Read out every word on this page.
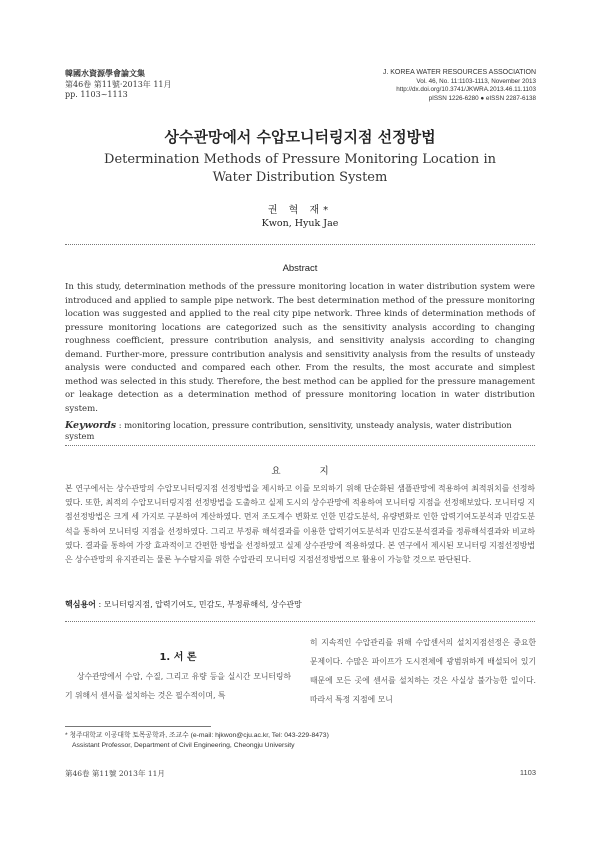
韓國水資源學會論文集
第46卷 第11號·2013年 11月
pp. 1103~1113
J. KOREA WATER RESOURCES ASSOCIATION
Vol. 46, No. 11:1103-1113, November 2013
http://dx.doi.org/10.3741/JKWRA.2013.46.11.1103
pISSN 1226-6280 ● eISSN 2287-6138
상수관망에서 수압모니터링지점 선정방법
Determination Methods of Pressure Monitoring Location in
Water Distribution System
권 혁 재*
Kwon, Hyuk Jae
Abstract
In this study, determination methods of the pressure monitoring location in water distribution system were introduced and applied to sample pipe network. The best determination method of the pressure monitoring location was suggested and applied to the real city pipe network. Three kinds of determination methods of pressure monitoring locations are categorized such as the sensitivity analysis according to changing roughness coefficient, pressure contribution analysis, and sensitivity analysis according to changing demand. Further-more, pressure contribution analysis and sensitivity analysis from the results of unsteady analysis were conducted and compared each other. From the results, the most accurate and simplest method was selected in this study. Therefore, the best method can be applied for the pressure management or leakage detection as a determination method of pressure monitoring location in water distribution system.
Keywords : monitoring location, pressure contribution, sensitivity, unsteady analysis, water distribution system
요 지
본 연구에서는 상수관망의 수압모니터링지점 선정방법을 제시하고 이를 모의하기 위해 단순화된 샘플관망에 적용하여 최적위치를 선정하였다. 또한, 최적의 수압모니터링지점 선정방법을 도출하고 실제 도시의 상수관망에 적용하여 모니터링 지점을 선정해보았다. 모니터링 지점선정방법은 크게 세 가지로 구분하여 계산하였다. 먼저 조도계수 변화로 인한 민감도분석, 유량변화로 인한 압력기여도분석과 민감도분석을 통하여 모니터링 지점을 선정하였다. 그리고 부정류 해석결과를 이용한 압력기여도분석과 민감도분석결과를 정류해석결과와 비교하였다. 결과를 통하여 가장 효과적이고 간편한 방법을 선정하였고 실제 상수관망에 적용하였다. 본 연구에서 제시된 모니터링 지점선정방법은 상수관망의 유지관리는 물론 누수탐지를 위한 수압관리 모니터링 지점선정방법으로 활용이 가능할 것으로 판단된다.
핵심용어 : 모니터링지점, 압력기여도, 민감도, 부정류해석, 상수관망
1. 서 론
상수관망에서 수압, 수질, 그리고 유량 등을 실시간 모니터링하기 위해서 센서를 설치하는 것은 필수적이며, 특
히 지속적인 수압관리를 위해 수압센서의 설치지점선정은 중요한 문제이다. 수많은 파이프가 도시전체에 광범위하게 배설되어 있기 때문에 모든 곳에 센서를 설치하는 것은 사실상 불가능한 일이다. 따라서 특정 지점에 모니
* 청주대학교 이공대학 토목공학과, 조교수 (e-mail: hjkwon@cju.ac.kr, Tel: 043-229-8473)
Assistant Professor, Department of Civil Engineering, Cheongju University
第46卷 第11號 2013年 11月	1103
